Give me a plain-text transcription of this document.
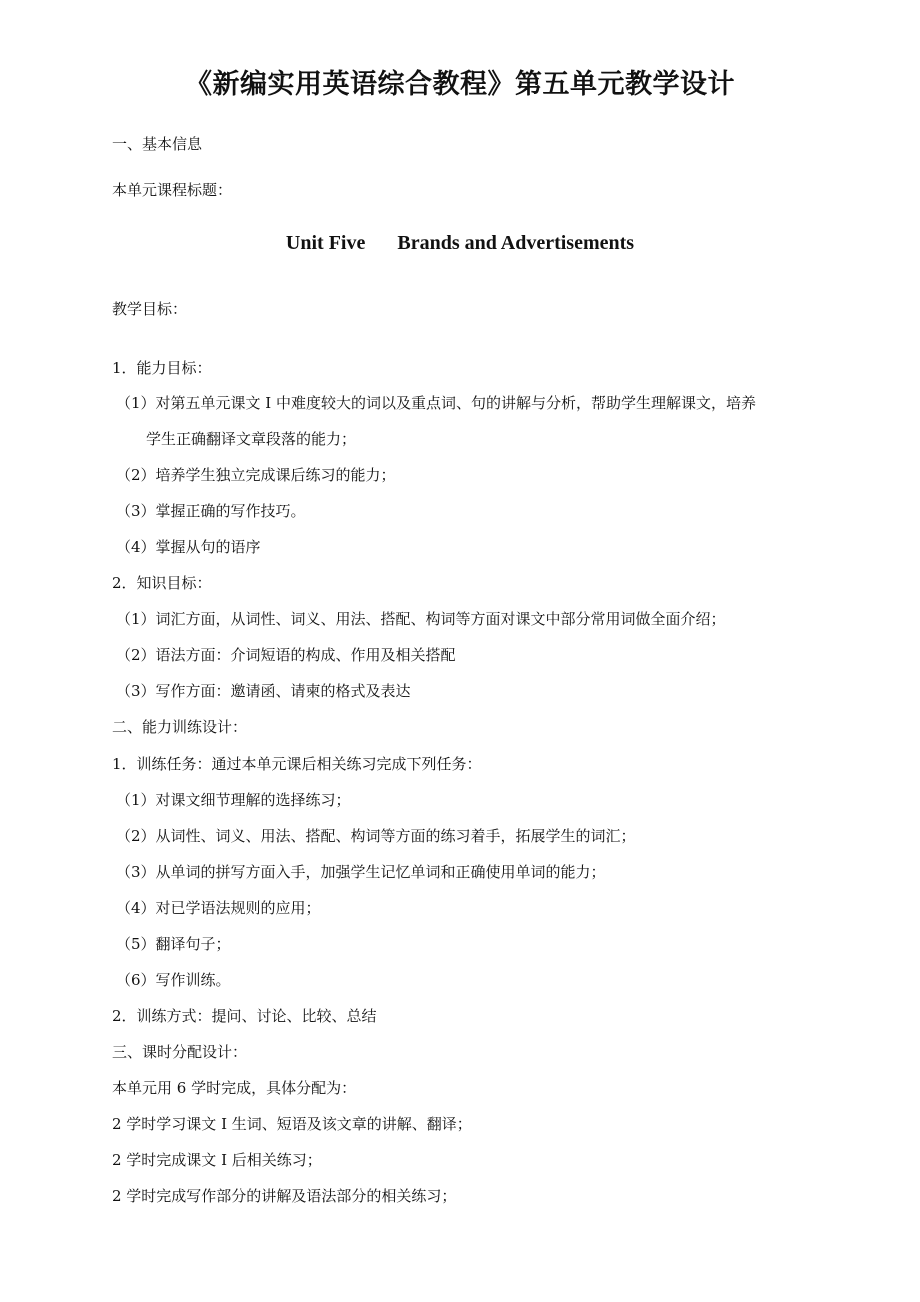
《新编实用英语综合教程》第五单元教学设计
一、基本信息
本单元课程标题：
Unit Five Brands and Advertisements
教学目标：
1．能力目标：
（1）对第五单元课文 I 中难度较大的词以及重点词、句的讲解与分析，帮助学生理解课文，培养
学生正确翻译文章段落的能力；
（2）培养学生独立完成课后练习的能力；
（3）掌握正确的写作技巧。
（4）掌握从句的语序
2．知识目标：
（1）词汇方面，从词性、词义、用法、搭配、构词等方面对课文中部分常用词做全面介绍；
（2）语法方面：介词短语的构成、作用及相关搭配
（3）写作方面：邀请函、请柬的格式及表达
二、能力训练设计：
1．训练任务：通过本单元课后相关练习完成下列任务：
（1）对课文细节理解的选择练习；
（2）从词性、词义、用法、搭配、构词等方面的练习着手，拓展学生的词汇；
（3）从单词的拼写方面入手，加强学生记忆单词和正确使用单词的能力；
（4）对已学语法规则的应用；
（5）翻译句子；
（6）写作训练。
2．训练方式：提问、讨论、比较、总结
三、课时分配设计：
本单元用 6 学时完成，具体分配为：
2 学时学习课文 I 生词、短语及该文章的讲解、翻译；
2 学时完成课文 I 后相关练习；
2 学时完成写作部分的讲解及语法部分的相关练习；
